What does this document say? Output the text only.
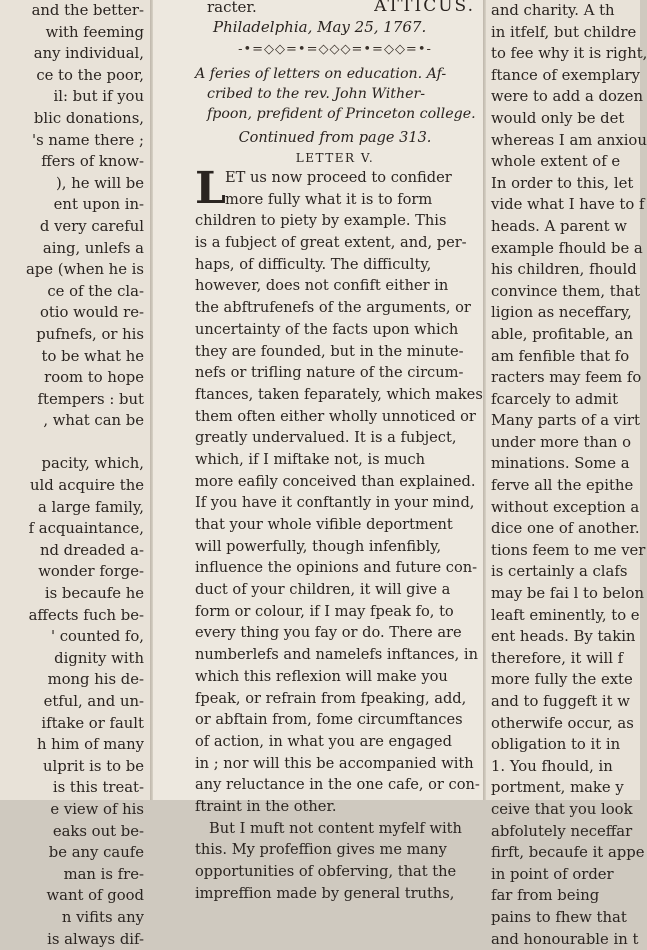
and the better-
with feeming
any individual,
ce to the poor,
il: but if you
blic donations,
's name there ;
ffers of know-
), he will be
ent upon in-
d very careful
aing, unlefs a
ape (when he is
ce of the cla-
otio would re-
pufnefs, or his
to be what he
room to hope
ftempers : but
, what can be
pacity, which,
uld acquire the
a large family,
f acquaintance,
nd dreaded a-
wonder forge-
is becaufe he
affects fuch be-
' counted fo,
dignity with
mong his de-
etful, and un-
iftake or fault
h him of many
ulprit is to be
is this treat-
e view of his
eaks out be-
be any caufe
man is fre-
want of good
n vifits any
is always dif-
racter.	ATTICUS.
Philadelphia, May 25, 1767.
-•=◇◇=•=◇◇◇=•=◇◇=•-
A feries of letters on education. Af-
cribed to the rev. John Wither-
fpoon, prefident of Princeton college.
Continued from page 313.
LETTER V.
L ET us now proceed to confider
more fully what it is to form
children to piety by example. This
is a fubject of great extent, and, per-
haps, of difficulty. The difficulty,
however, does not confift either in
the abftrufenefs of the arguments, or
uncertainty of the facts upon which
they are founded, but in the minute-
nefs or trifling nature of the circum-
ftances, taken feparately, which makes
them often either wholly unnoticed or
greatly undervalued. It is a fubject,
which, if I miftake not, is much
more eafily conceived than explained.
If you have it conftantly in your mind,
that your whole vifible deportment
will powerfully, though infenfibly,
influence the opinions and future con-
duct of your children, it will give a
form or colour, if I may fpeak fo, to
every thing you fay or do. There are
numberlefs and namelefs inftances, in
which this reflexion will make you
fpeak, or refrain from fpeaking, add,
or abftain from, fome circumftances
of action, in what you are engaged
in ; nor will this be accompanied with
any reluctance in the one cafe, or con-
ftraint in the other.
But I muft not content myfelf with
this. My profeffion gives me many
opportunities of obferving, that the
impreffion made by general truths,
and charity. A th
in itfelf, but childre
to fee why it is right,
ftance of exemplary
were to add a dozen
would only be det
whereas I am anxiou
whole extent of e
In order to this, let
vide what I have to f
heads. A parent w
example fhould be a
his children, fhould
convince them, that
ligion as neceffary,
able, profitable, an
am fenfible that fo
racters may feem fo
fcarcely to admit
Many parts of a virt
under more than o
minations. Some a
ferve all the epithe
without exception a
dice one of another.
tions feem to me ver
is certainly a clafs
may be fai l to belon
leaft eminently, to e
ent heads. By takin
therefore, it will f
more fully the exte
and to fuggeft it w
otherwife occur, as
obligation to it in
1. You fhould, in
portment, make y
ceive that you look
abfolutely neceffar
firft, becaufe it appe
in point of order
far from being
pains to fhew that
and honourable in t
